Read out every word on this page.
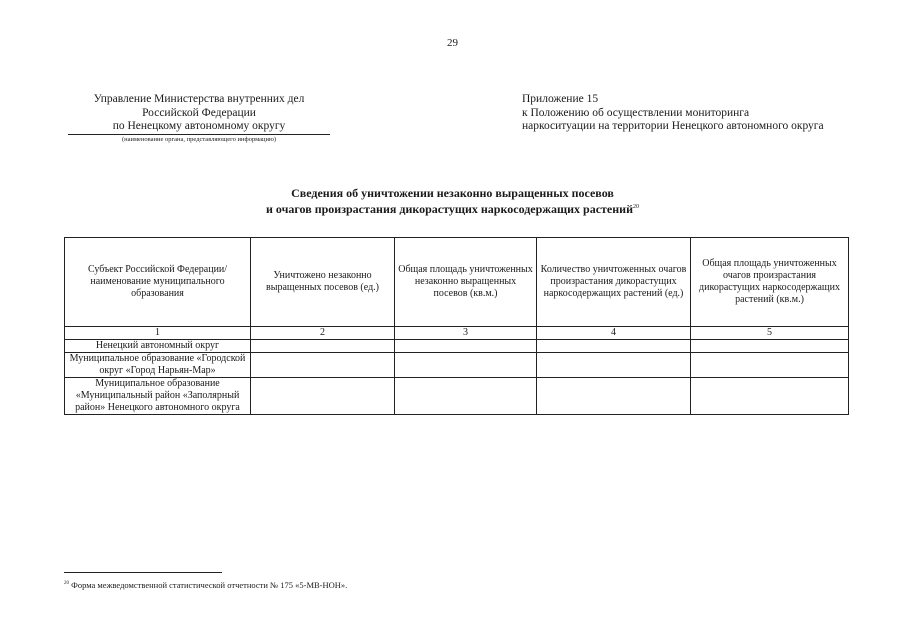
29
Управление Министерства внутренних дел
Российской Федерации
по Ненецкому автономному округу
(наименование органа, представляющего информацию)
Приложение 15
к Положению об осуществлении мониторинга
наркоситуации на территории Ненецкого автономного округа
Сведения об уничтожении незаконно выращенных посевов
и очагов произрастания дикорастущих наркосодержащих растений$^{20}$
Субъект Российской Федерации/ наименование муниципального образования	Уничтожено незаконно выращенных посевов (ед.)	Общая площадь уничтоженных незаконно выращенных посевов (кв.м.)	Количество уничтоженных очагов произрастания дикорастущих наркосодержащих растений (ед.)	Общая площадь уничтоженных очагов произрастания дикорастущих наркосодержащих растений (кв.м.)
1	2	3	4	5
Ненецкий автономный округ				
Муниципальное образование «Городской округ «Город Нарьян-Мар»				
Муниципальное образование «Муниципальный район «Заполярный район» Ненецкого автономного округа				
$^{20}$ Форма межведомственной статистической отчетности № 175 «5-МВ-НОН».
